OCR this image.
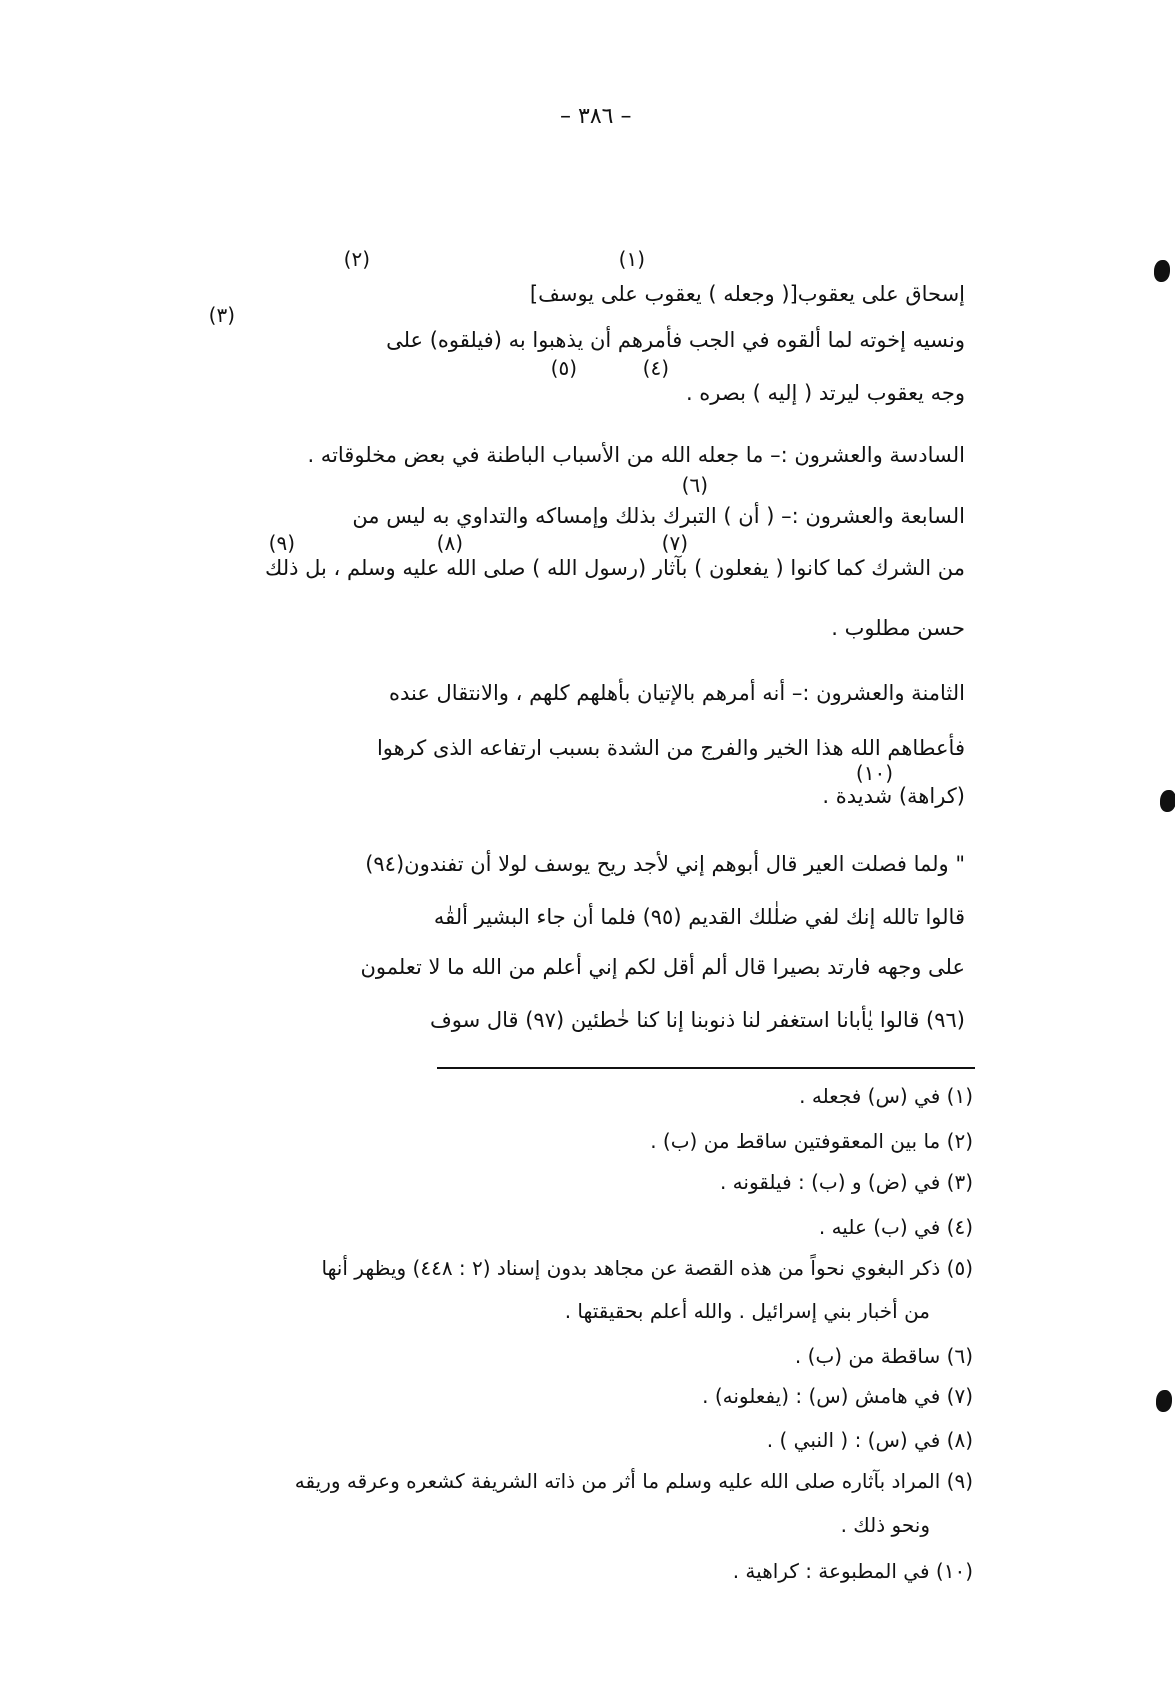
– ٣٨٦ –
(٢)	(١)
إسحاق على يعقوب[( وجعله ) يعقوب على يوسف]
(٣)
ونسيه إخوته لما ألقوه في الجب فأمرهم أن يذهبوا به (فيلقوه) على
(٥)	(٤)
وجه يعقوب ليرتد ( إليه ) بصره .
السادسة والعشرون :– ما جعله الله من الأسباب الباطنة في بعض مخلوقاته .
(٦)
السابعة والعشرون :– ( أن ) التبرك بذلك وإمساكه والتداوي به ليس من
(٩)	(٨)	(٧)
من الشرك كما كانوا ( يفعلون ) بآثار (رسول الله ) صلى الله عليه وسلم ، بل ذلك
حسن مطلوب .
الثامنة والعشرون :– أنه أمرهم بالإتيان بأهلهم كلهم ، والانتقال عنده
فأعطاهم الله هذا الخير والفرج من الشدة بسبب ارتفاعه الذى كرهوا
(١٠)
(كراهة) شديدة .
" ولما فصلت العير قال أبوهم إني لأجد ريح يوسف لولا أن تفندون(٩٤)
قالوا تالله إنك لفي ضلٰلك القديم (٩٥) فلما أن جاء البشير ألقٰه
على وجهه فارتد بصيرا قال ألم أقل لكم إني أعلم من الله ما لا تعلمون
(٩٦) قالوا يٰأبانا استغفر لنا ذنوبنا إنا كنا خٰطئين (٩٧) قال سوف
(١) في (س) فجعله .
(٢) ما بين المعقوفتين ساقط من (ب) .
(٣) في (ض) و (ب) : فيلقونه .
(٤) في (ب) عليه .
(٥) ذكر البغوي نحواً من هذه القصة عن مجاهد بدون إسناد (٢ : ٤٤٨) ويظهر أنها
من أخبار بني إسرائيل . والله أعلم بحقيقتها .
(٦) ساقطة من (ب) .
(٧) في هامش (س) : (يفعلونه) .
(٨) في (س) : ( النبي ) .
(٩) المراد بآثاره صلى الله عليه وسلم ما أثر من ذاته الشريفة كشعره وعرقه وريقه
ونحو ذلك .
(١٠) في المطبوعة : كراهية .
